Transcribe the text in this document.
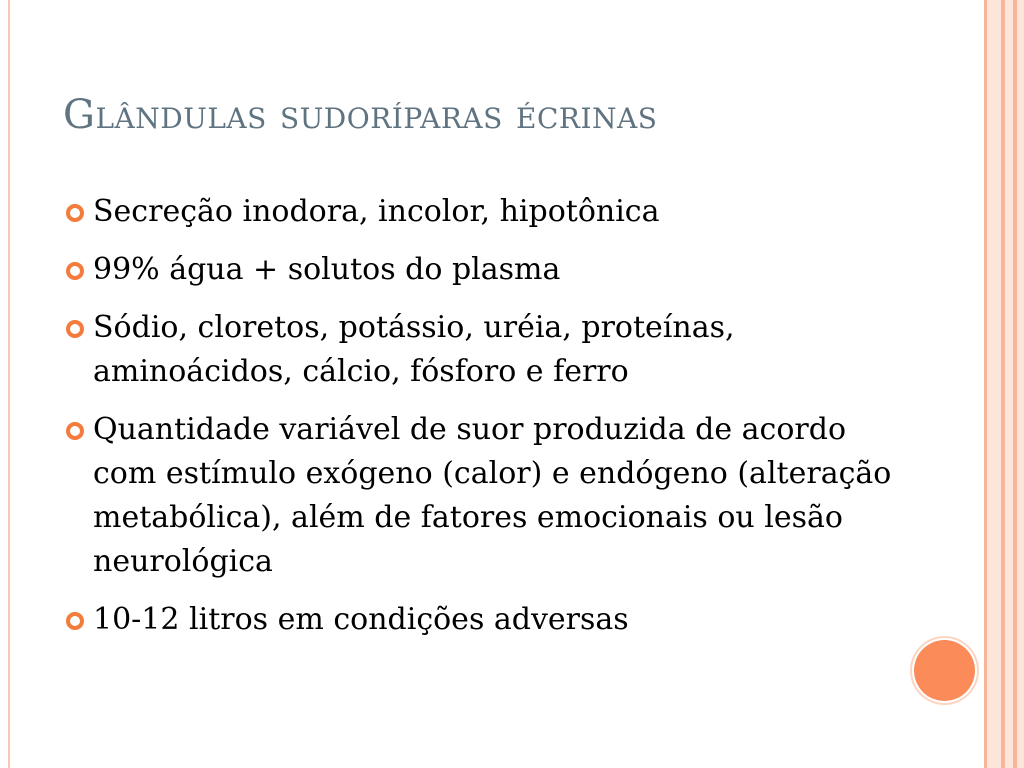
Glândulas sudoríparas écrinas
Secreção inodora, incolor, hipotônica
99% água + solutos do plasma
Sódio, cloretos, potássio, uréia, proteínas, aminoácidos, cálcio, fósforo e ferro
Quantidade variável de suor produzida de acordo com estímulo exógeno (calor) e endógeno (alteração metabólica), além de fatores emocionais ou lesão neurológica
10-12 litros em condições adversas
